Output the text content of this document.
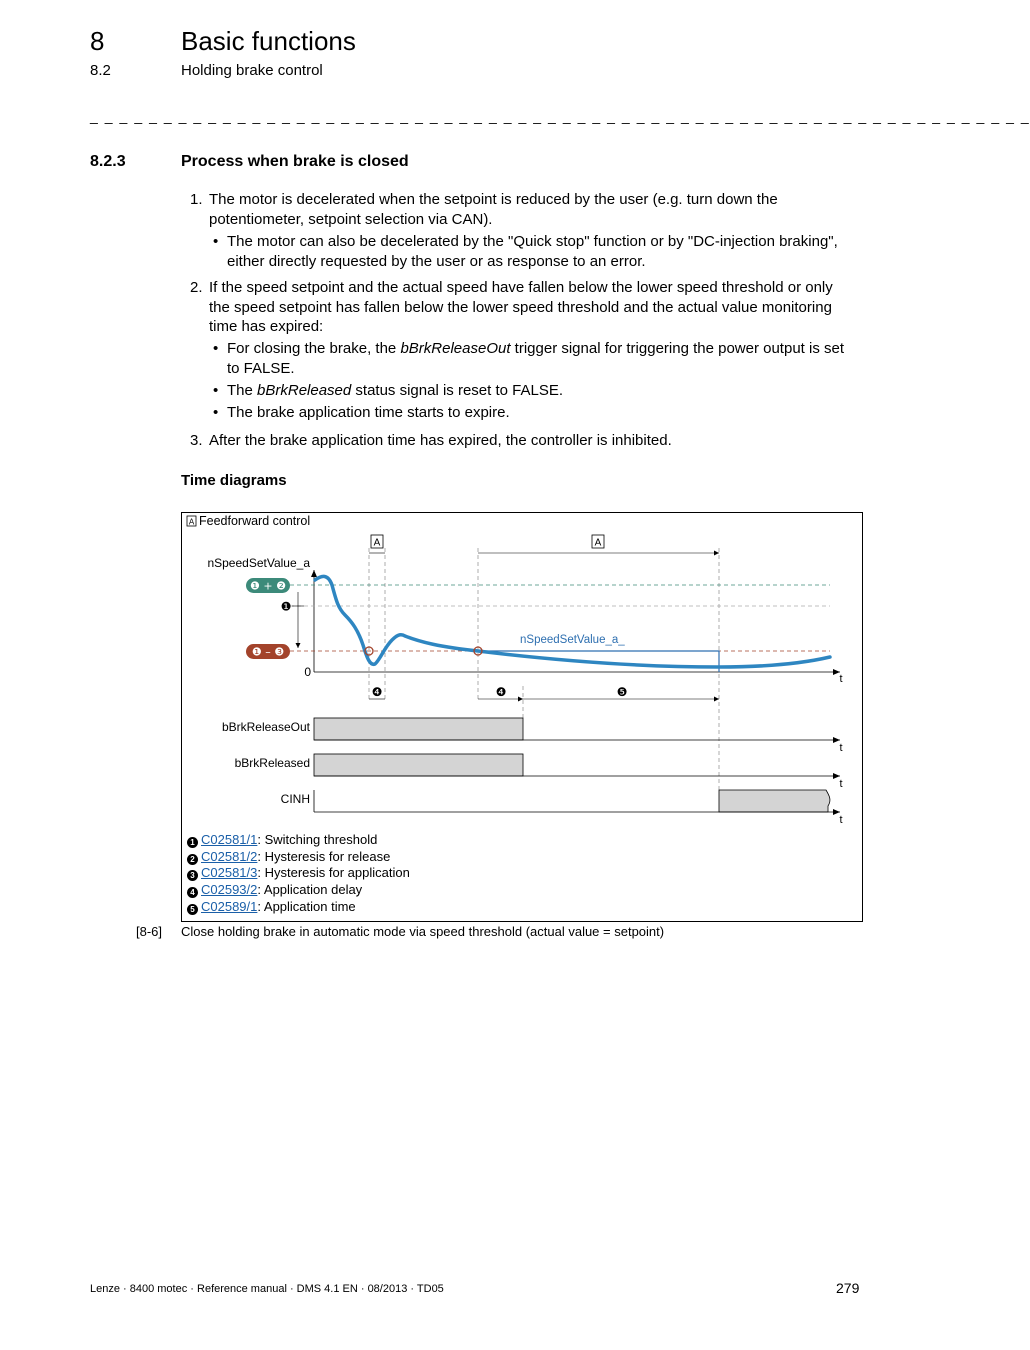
8	Basic functions
8.2	Holding brake control
_ _ _ _ _ _ _ _ _ _ _ _ _ _ _ _ _ _ _ _ _ _ _ _ _ _ _ _ _ _ _ _ _ _ _ _ _ _ _ _ _ _ _ _ _ _ _ _ _ _ _ _ _ _ _ _ _ _ _ _ _ _ _ _
8.2.3	Process when brake is closed
1. The motor is decelerated when the setpoint is reduced by the user (e.g. turn down the
potentiometer, setpoint selection via CAN).
• The motor can also be decelerated by the "Quick stop" function or by "DC-injection braking",
either directly requested by the user or as response to an error.
2. If the speed setpoint and the actual speed have fallen below the lower speed threshold or only
the speed setpoint has fallen below the lower speed threshold and the actual value monitoring
time has expired:
• For closing the brake, the bBrkReleaseOut trigger signal for triggering the power output is set
to FALSE.
• The bBrkReleased status signal is reset to FALSE.
• The brake application time starts to expire.
3. After the brake application time has expired, the controller is inhibited.
Time diagrams
A Feedforward control
A	A
nSpeedSetValue_a
0	t
❶ + ❷
❶ – ❸
❶
nSpeedSetValue_a_
❹	❹	❺
bBrkReleaseOut
t
bBrkReleased
t
CINH
t
1 C02581/1: Switching threshold
2 C02581/2: Hysteresis for release
3 C02581/3: Hysteresis for application
4 C02593/2: Application delay
5 C02589/1: Application time
[8-6] Close holding brake in automatic mode via speed threshold (actual value = setpoint)
Lenze · 8400 motec · Reference manual · DMS 4.1 EN · 08/2013 · TD05	279
